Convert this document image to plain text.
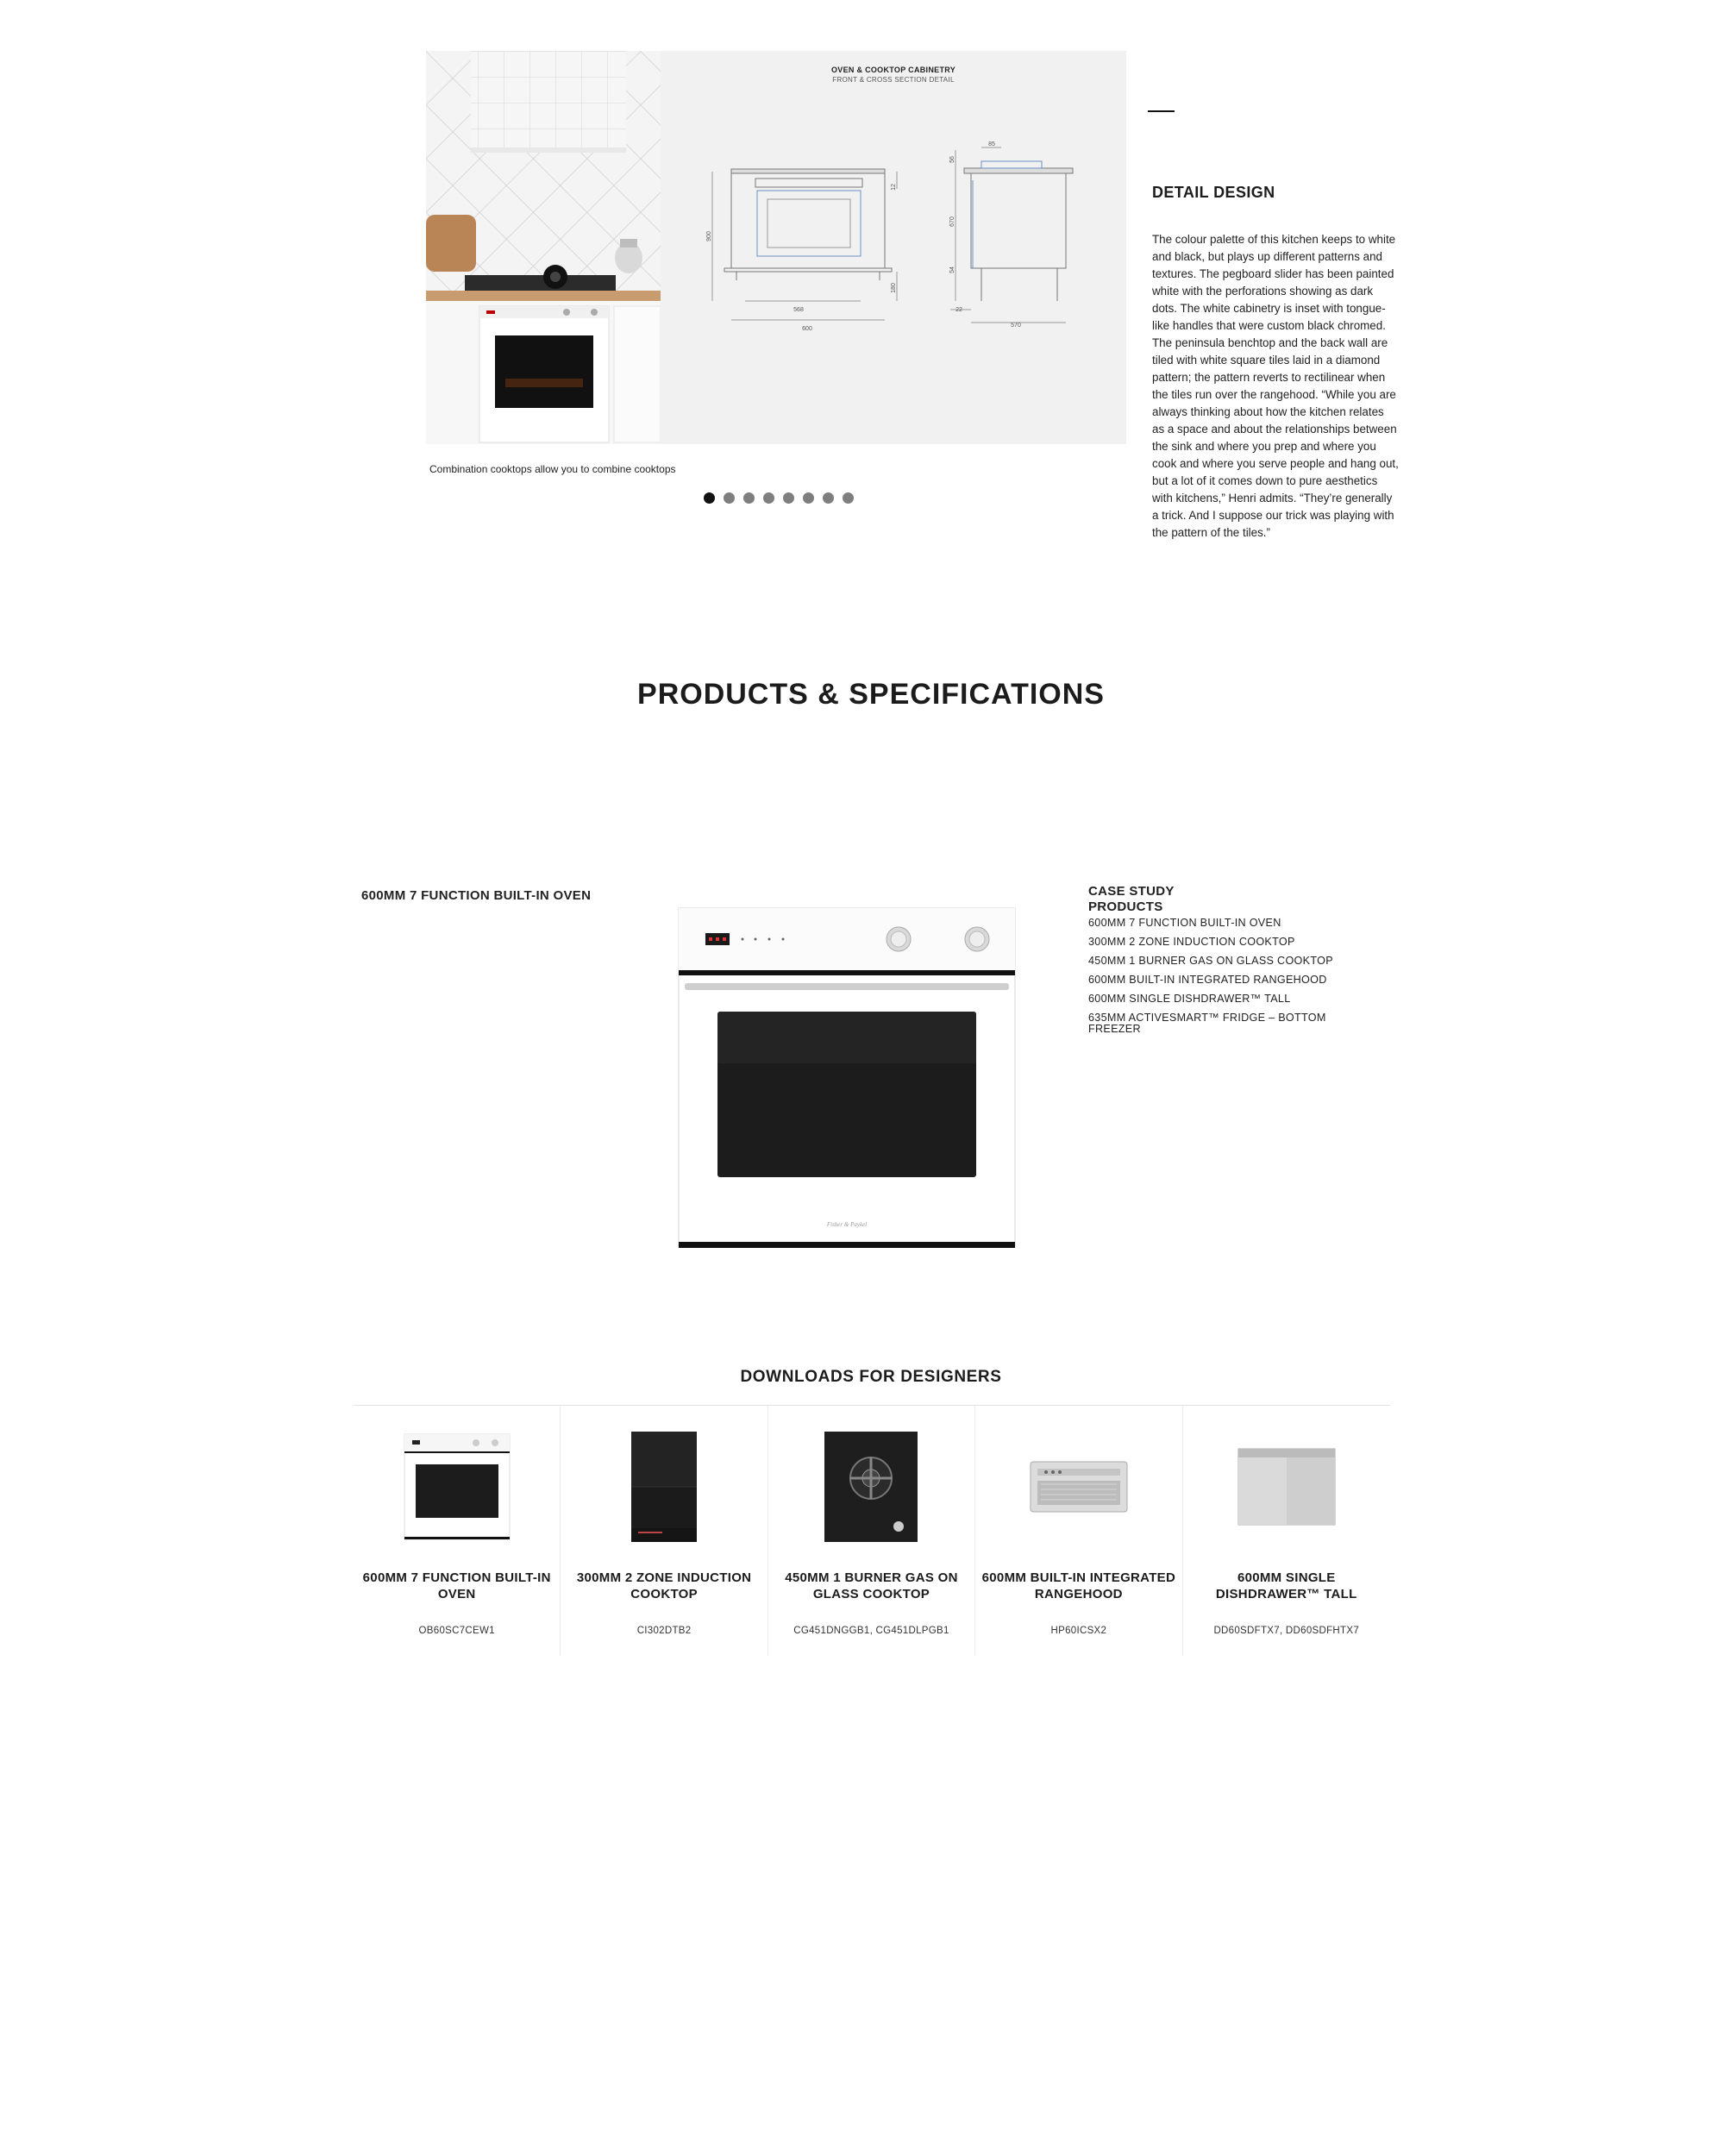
OVEN & COOKTOP CABINETRY
FRONT & CROSS SECTION DETAIL
568
600
900
12
180
570
22
85
670
54
56
Combination cooktops allow you to combine cooktops
DETAIL DESIGN
The colour palette of this kitchen keeps to white and black, but plays up different patterns and textures. The pegboard slider has been painted white with the perforations showing as dark dots. The white cabinetry is inset with tongue-like handles that were custom black chromed. The peninsula benchtop and the back wall are tiled with white square tiles laid in a diamond pattern; the pattern reverts to rectilinear when the tiles run over the rangehood. “While you are always thinking about how the kitchen relates as a space and about the relationships between the sink and where you prep and where you cook and where you serve people and hang out, but a lot of it comes down to pure aesthetics with kitchens,” Henri admits. “They’re generally a trick. And I suppose our trick was playing with the pattern of the tiles.”
PRODUCTS & SPECIFICATIONS
600MM 7 FUNCTION BUILT-IN OVEN
Fisher & Paykel
CASE STUDY PRODUCTS
600MM 7 FUNCTION BUILT-IN OVEN
300MM 2 ZONE INDUCTION COOKTOP
450MM 1 BURNER GAS ON GLASS COOKTOP
600MM BUILT-IN INTEGRATED RANGEHOOD
600MM SINGLE DISHDRAWER™ TALL
635MM ACTIVESMART™ FRIDGE – BOTTOM FREEZER
DOWNLOADS FOR DESIGNERS
600MM 7 FUNCTION BUILT-IN OVEN
OB60SC7CEW1
300MM 2 ZONE INDUCTION COOKTOP
CI302DTB2
450MM 1 BURNER GAS ON GLASS COOKTOP
CG451DNGGB1, CG451DLPGB1
600MM BUILT-IN INTEGRATED RANGEHOOD
HP60ICSX2
600MM SINGLE DISHDRAWER™ TALL
DD60SDFTX7, DD60SDFHTX7
